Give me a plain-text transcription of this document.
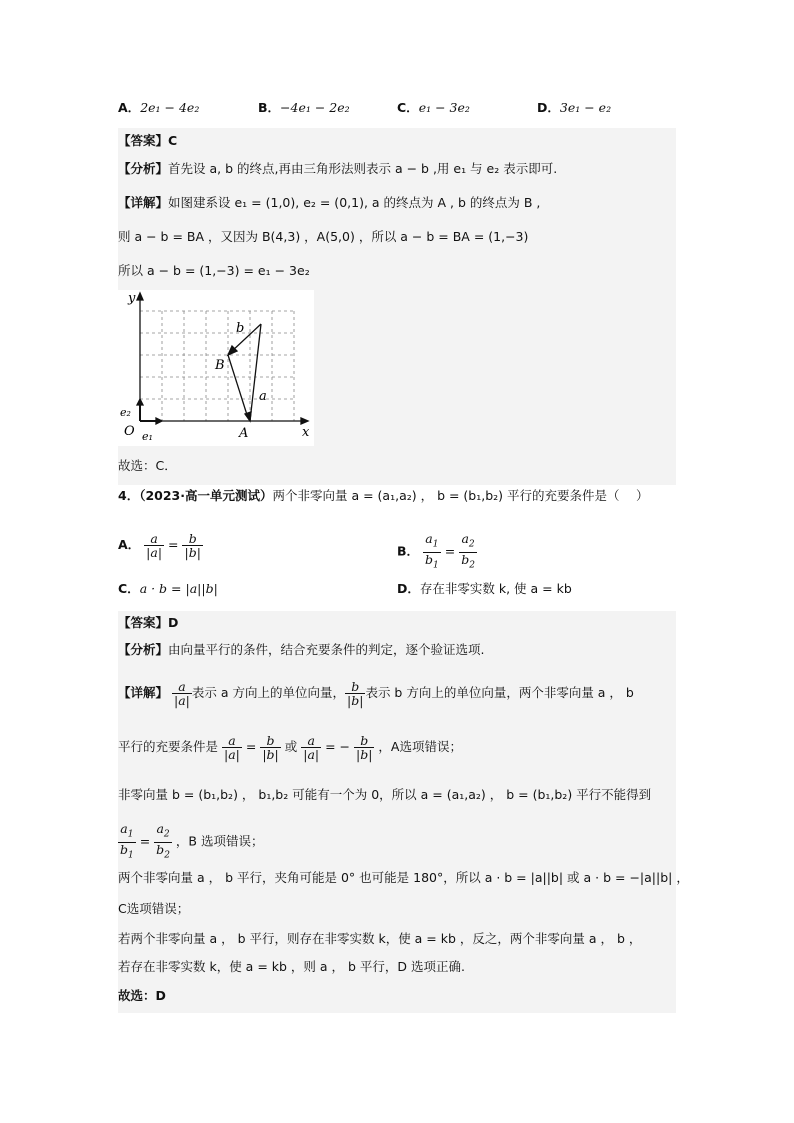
A．2e₁ − 4e₂	B．−4e₁ − 2e₂	C．e₁ − 3e₂	D．3e₁ − e₂
【答案】C
【分析】首先设 a, b 的终点,再由三角形法则表示 a − b ,用 e₁ 与 e₂ 表示即可.
【详解】如图建系设 e₁ = (1,0), e₂ = (0,1), a 的终点为 A , b 的终点为 B ,
则 a − b = BA ，又因为 B(4,3) ，A(5,0) ，所以 a − b = BA = (1,−3)
所以 a − b = (1,−3) = e₁ − 3e₂
y
x
O	A
B
a
b
e₁
e₂
故选：C．
4．（2023·高一单元测试）两个非零向量 a = (a₁,a₂) ， b = (b₁,b₂) 平行的充要条件是（　 ）
A． $\frac{a}{|a|} = \frac{b}{|b|}$	B． $\frac{a_1}{b_1} = \frac{a_2}{b_2}$
C．a · b = |a||b|	D．存在非零实数 k, 使 a = kb
【答案】D
【分析】由向量平行的条件，结合充要条件的判定，逐个验证选项.
【详解】 $\frac{a}{|a|}$ 表示 a 方向上的单位向量， $\frac{b}{|b|}$ 表示 b 方向上的单位向量，两个非零向量 a ， b
平行的充要条件是 $\frac{a}{|a|} = \frac{b}{|b|}$ 或 $\frac{a}{|a|}$ = − $\frac{b}{|b|}$ ，A选项错误；
非零向量 b = (b₁,b₂) ， b₁,b₂ 可能有一个为 0，所以 a = (a₁,a₂) ， b = (b₁,b₂) 平行不能得到
$\frac{a_1}{b_1} = \frac{a_2}{b_2}$ ，B 选项错误；
两个非零向量 a ， b 平行，夹角可能是 0° 也可能是 180°，所以 a · b = |a||b| 或 a · b = −|a||b| ，
C选项错误；
若两个非零向量 a ， b 平行，则存在非零实数 k，使 a = kb ，反之，两个非零向量 a ， b ，
若存在非零实数 k，使 a = kb ，则 a ， b 平行，D 选项正确.
故选：D
